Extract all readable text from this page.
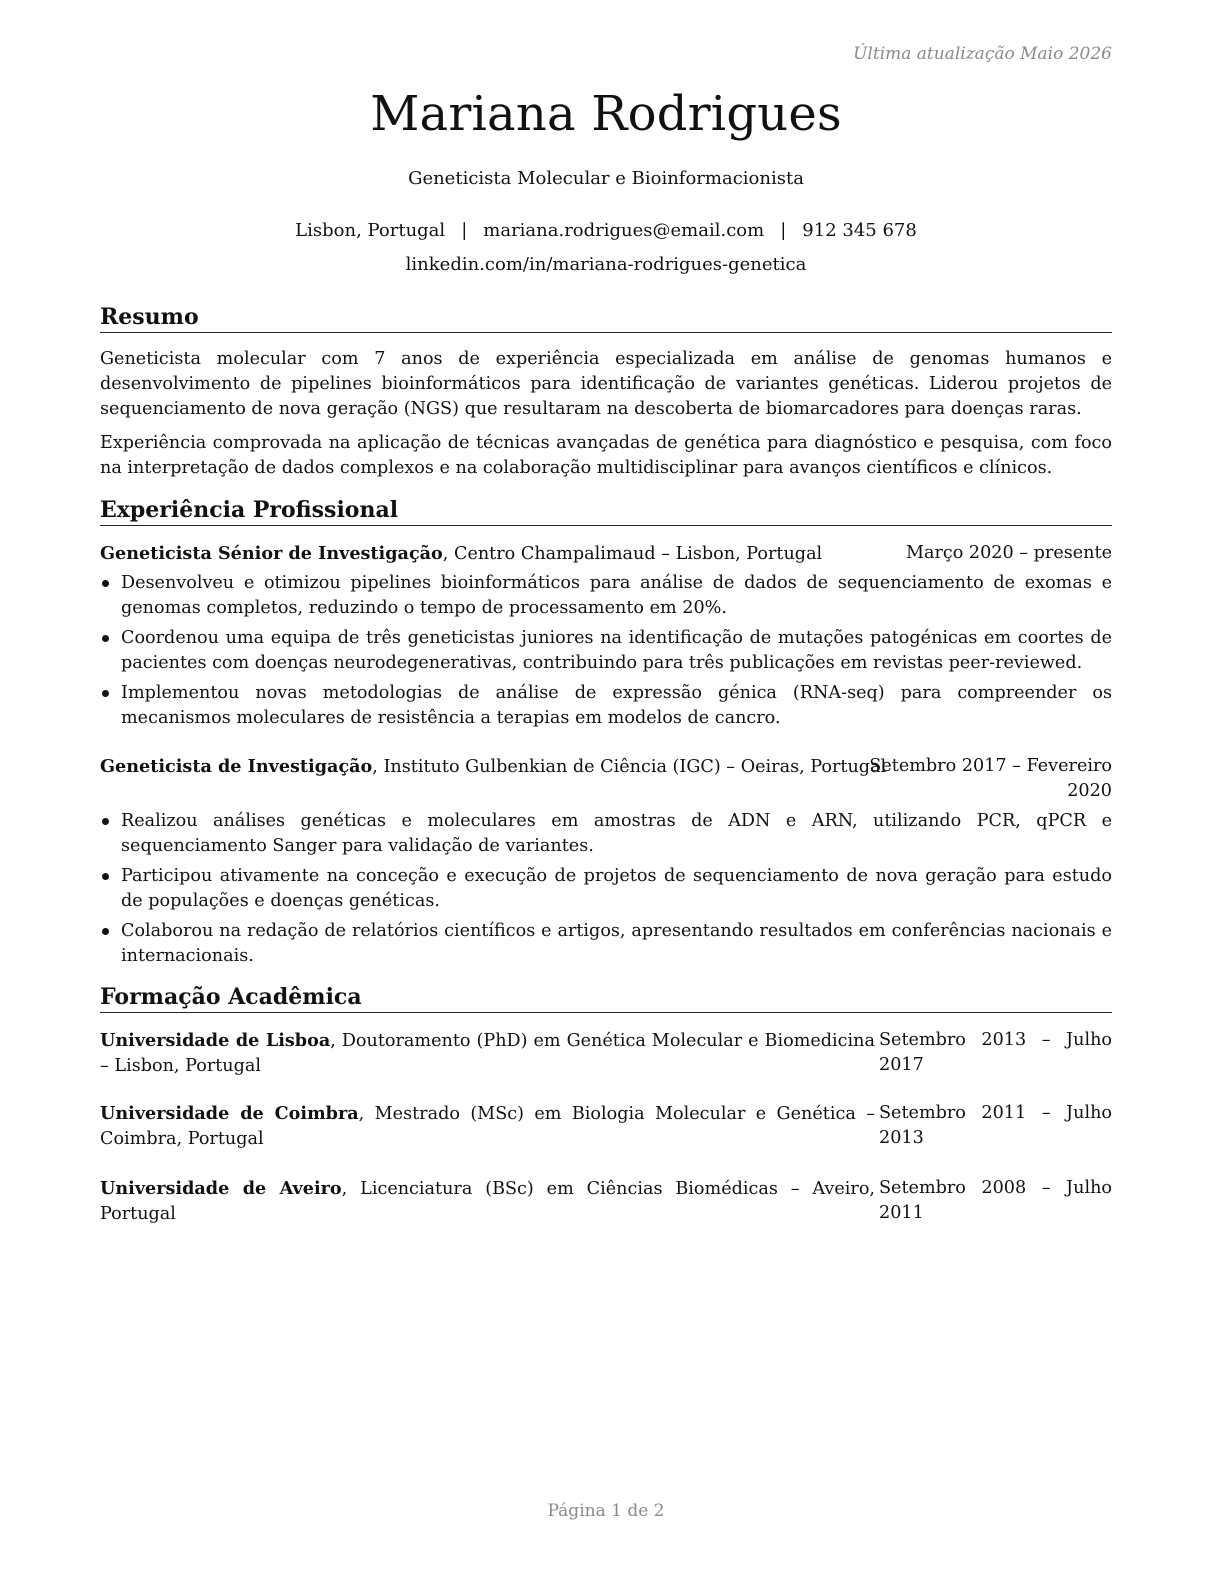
Última atualização Maio 2026
Mariana Rodrigues
Geneticista Molecular e Bioinformacionista
Lisbon, Portugal | mariana.rodrigues@email.com | 912 345 678
linkedin.com/in/mariana-rodrigues-genetica
Resumo
Geneticista molecular com 7 anos de experiência especializada em análise de genomas humanos e desenvolvimento de pipelines bioinformáticos para identificação de variantes genéticas. Liderou projetos de sequenciamento de nova geração (NGS) que resultaram na descoberta de biomarcadores para doenças raras.
Experiência comprovada na aplicação de técnicas avançadas de genética para diagnóstico e pesquisa, com foco na interpretação de dados complexos e na colaboração multidisciplinar para avanços científicos e clínicos.
Experiência Profissional
Geneticista Sénior de Investigação, Centro Champalimaud – Lisbon, Portugal	Março 2020 – presente
Desenvolveu e otimizou pipelines bioinformáticos para análise de dados de sequenciamento de exomas e genomas completos, reduzindo o tempo de processamento em 20%.
Coordenou uma equipa de três geneticistas juniores na identificação de mutações patogénicas em coortes de pacientes com doenças neurodegenerativas, contribuindo para três publicações em revistas peer-reviewed.
Implementou novas metodologias de análise de expressão génica (RNA-seq) para compreender os mecanismos moleculares de resistência a terapias em modelos de cancro.
Geneticista de Investigação, Instituto Gulbenkian de Ciência (IGC) – Oeiras, Portugal
Setembro 2017 – Fevereiro
2020
Realizou análises genéticas e moleculares em amostras de ADN e ARN, utilizando PCR, qPCR e sequenciamento Sanger para validação de variantes.
Participou ativamente na conceção e execução de projetos de sequenciamento de nova geração para estudo de populações e doenças genéticas.
Colaborou na redação de relatórios científicos e artigos, apresentando resultados em conferências nacionais e internacionais.
Formação Acadêmica
Universidade de Lisboa, Doutoramento (PhD) em Genética Molecular e Biomedicina – Lisbon, Portugal
Setembro 2013 – Julho
2017
Universidade de Coimbra, Mestrado (MSc) em Biologia Molecular e Genética – Coimbra, Portugal
Setembro 2011 – Julho
2013
Universidade de Aveiro, Licenciatura (BSc) em Ciências Biomédicas – Aveiro, Portugal
Setembro 2008 – Julho
2011
Página 1 de 2
